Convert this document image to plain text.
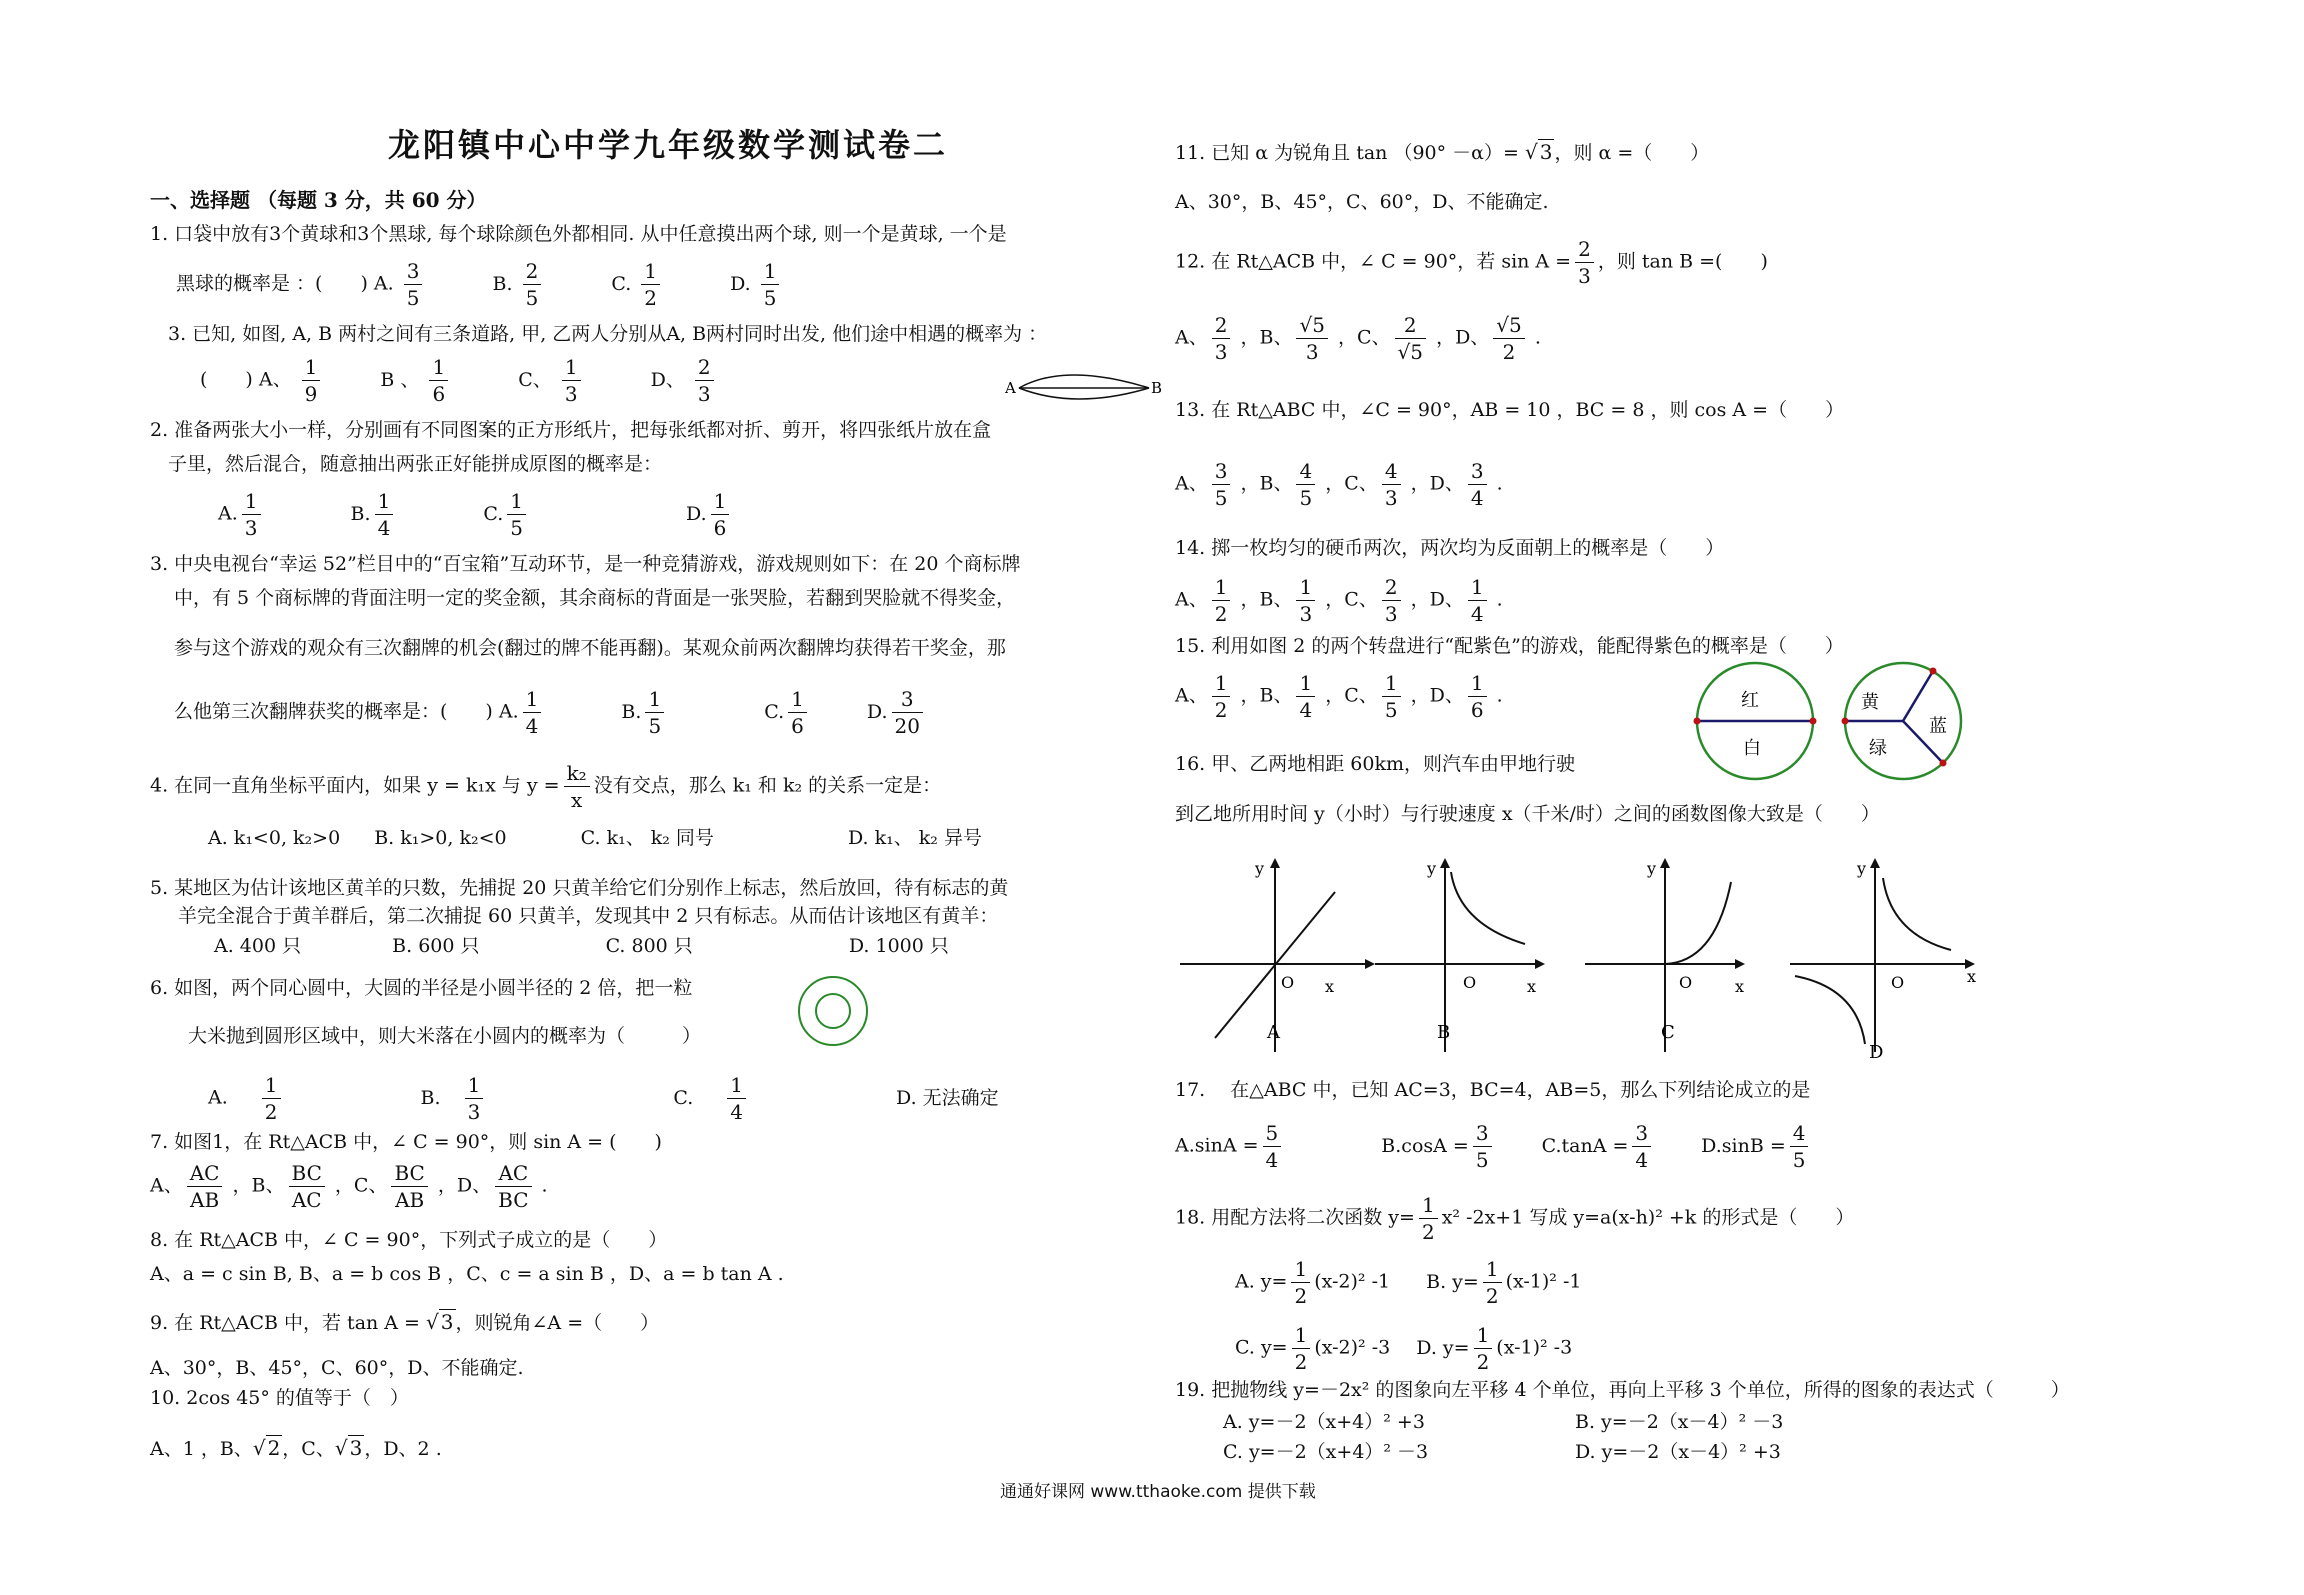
龙阳镇中心中学九年级数学测试卷二
一、选择题 （每题 3 分，共 60 分）
1. 口袋中放有3个黄球和3个黑球, 每个球除颜色外都相同. 从中任意摸出两个球, 则一个是黄球, 一个是
黑球的概率是 ：(　　) A. $\frac{3}{5}$	B. $\frac{2}{5}$	C. $\frac{1}{2}$	D. $\frac{1}{5}$
3. 已知, 如图, A, B 两村之间有三条道路, 甲, 乙两人分别从A, B两村同时出发, 他们途中相遇的概率为 ：
(　　) A、 $\frac{1}{9}$	B 、 $\frac{1}{6}$	C、 $\frac{1}{3}$	D、 $\frac{2}{3}$	A	B
2. 准备两张大小一样，分别画有不同图案的正方形纸片，把每张纸都对折、剪开，将四张纸片放在盒
子里，然后混合，随意抽出两张正好能拼成原图的概率是：
A. $\frac{1}{3}$	B. $\frac{1}{4}$	C. $\frac{1}{5}$	D. $\frac{1}{6}$
3. 中央电视台“幸运 52”栏目中的“百宝箱”互动环节，是一种竞猜游戏，游戏规则如下：在 20 个商标牌
中，有 5 个商标牌的背面注明一定的奖金额，其余商标的背面是一张哭脸，若翻到哭脸就不得奖金，
参与这个游戏的观众有三次翻牌的机会(翻过的牌不能再翻)。某观众前两次翻牌均获得若干奖金，那
么他第三次翻牌获奖的概率是：(　　) A. $\frac{1}{4}$	B. $\frac{1}{5}$	C. $\frac{1}{6}$	D. $\frac{3}{20}$
4. 在同一直角坐标平面内，如果 y = k₁x 与 $y = \frac{\text{k₂}}{x}$ 没有交点，那么 k₁ 和 k₂ 的关系一定是：
A. k₁<0, k₂>0 B. k₁>0, k₂<0	C. k₁、 k₂ 同号	D. k₁、 k₂ 异号
5. 某地区为估计该地区黄羊的只数，先捕捉 20 只黄羊给它们分别作上标志，然后放回，待有标志的黄
羊完全混合于黄羊群后，第二次捕捉 60 只黄羊，发现其中 2 只有标志。从而估计该地区有黄羊：
A. 400 只	B. 600 只	C. 800 只	D. 1000 只
6. 如图，两个同心圆中，大圆的半径是小圆半径的 2 倍，把一粒
大米抛到圆形区域中，则大米落在小圆内的概率为（　　　）
A. $\frac{1}{2}$	B. $\frac{1}{3}$	C. $\frac{1}{4}$	D. 无法确定
7. 如图1，在 Rt△ACB 中，∠ C = 90°，则 sin A = (　　)
A、 $\frac{AC}{AB}$ ，B、 $\frac{BC}{AC}$ ，C、 $\frac{BC}{AB}$ ，D、 $\frac{AC}{BC}$ .
8. 在 Rt△ACB 中，∠ C = 90°，下列式子成立的是（　　）
A、a = c sin B, B、a = b cos B ，C、c = a sin B ，D、a = b tan A .
9. 在 Rt△ACB 中，若 tan A = √ 3 ，则锐角∠A =（　　）
A、30°，B、45°，C、60°，D、不能确定.
10. 2cos 45° 的值等于（　）
A、1 ，B、√ 2 ，C、√ 3 ，D、2 .
11. 已知 α 为锐角且 tan （90° －α）= √ 3 ，则 α =（　　）
A、30°，B、45°，C、60°，D、不能确定.
12. 在 Rt△ACB 中，∠ C = 90°，若 $\sin A = \frac{2}{3}$ ，则 tan B =(　　)
A、 $\frac{2}{3}$ ，B、 $\frac{√5}{3}$ ，C、 $\frac{2}{√5}$ ，D、 $\frac{√5}{2}$ .
13. 在 Rt△ABC 中，∠C = 90°，AB = 10 ，BC = 8 ，则 cos A =（　　）
A、 $\frac{3}{5}$ ，B、 $\frac{4}{5}$ ，C、 $\frac{4}{3}$ ，D、 $\frac{3}{4}$ .
14. 掷一枚均匀的硬币两次，两次均为反面朝上的概率是（　　）
A、 $\frac{1}{2}$ ，B、 $\frac{1}{3}$ ，C、 $\frac{2}{3}$ ，D、 $\frac{1}{4}$ .
15. 利用如图 2 的两个转盘进行“配紫色”的游戏，能配得紫色的概率是（　　）
A、 $\frac{1}{2}$ ，B、 $\frac{1}{4}$ ，C、 $\frac{1}{5}$ ，D、 $\frac{1}{6}$ .	红
白
黄
蓝
绿
16. 甲、乙两地相距 60km，则汽车由甲地行驶
到乙地所用时间 y（小时）与行驶速度 x（千米/时）之间的函数图像大致是（　　）
y
x
O
A
y
x
O
B
y
x
O
C
y
x
O
D
17. 　在△ABC 中，已知 AC=3，BC=4，AB=5，那么下列结论成立的是
$A.\sin A = \frac{5}{4}$	$B.\cos A = \frac{3}{5}$	$C.\tan A = \frac{3}{4}$	$D.\sin B = \frac{4}{5}$
18. 用配方法将二次函数 $y= \frac{1}{2} x^2$ -2x+1 写成 y=a(x-h)² +k 的形式是（　　）
A. $y= \frac{1}{2} (x-2)^2$ -1 B. $y= \frac{1}{2} (x-1)^2$ -1
C. $y= \frac{1}{2} (x-2)^2$ -3 D. $y= \frac{1}{2} (x-1)^2$ -3
19. 把抛物线 y=－2x² 的图象向左平移 4 个单位，再向上平移 3 个单位，所得的图象的表达式（　　　）
A. y=－2（x+4）² +3	B. y=－2（x－4）² －3
C. y=－2（x+4）² －3	D. y=－2（x－4）² +3
通通好课网 www.tthaoke.com 提供下载
